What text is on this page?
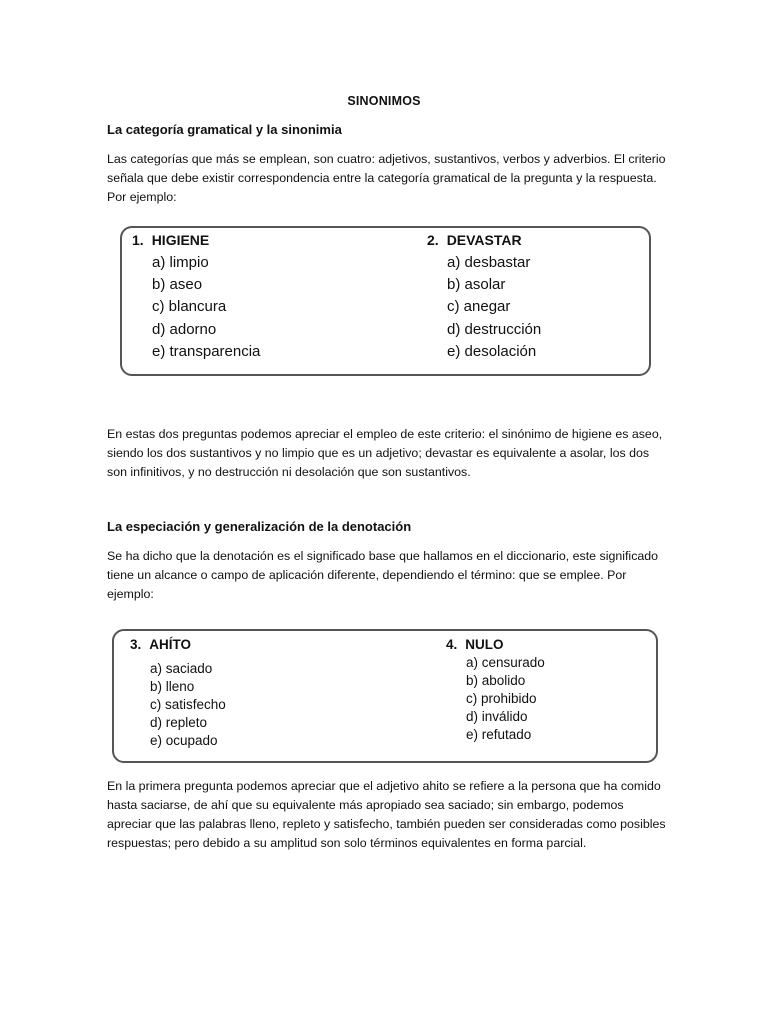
SINONIMOS
La categoría gramatical y la sinonimia

Las categorías que más se emplean, son cuatro: adjetivos, sustantivos, verbos y adverbios. El criterio señala que debe existir correspondencia entre la categoría gramatical de la pregunta y la respuesta. Por ejemplo:

1. HIGIENE
a) limpio
b) aseo
c) blancura
d) adorno
e) transparencia
2. DEVASTAR
a) desbastar
b) asolar
c) anegar
d) destrucción
e) desolación

En estas dos preguntas podemos apreciar el empleo de este criterio: el sinónimo de higiene es aseo, siendo los dos sustantivos y no limpio que es un adjetivo; devastar es equivalente a asolar, los dos son infinitivos, y no destrucción ni desolación que son sustantivos.

La especiación y generalización de la denotación

Se ha dicho que la denotación es el significado base que hallamos en el diccionario, este significado tiene un alcance o campo de aplicación diferente, dependiendo el término: que se emplee. Por ejemplo:

3. AHÍTO
a) saciado
b) lleno
c) satisfecho
d) repleto
e) ocupado
4. NULO
a) censurado
b) abolido
c) prohibido
d) inválido
e) refutado

En la primera pregunta podemos apreciar que el adjetivo ahito se refiere a la persona que ha comido hasta saciarse, de ahí que su equivalente más apropiado sea saciado; sin embargo, podemos apreciar que las palabras lleno, repleto y satisfecho, también pueden ser consideradas como posibles respuestas; pero debido a su amplitud son solo términos equivalentes en forma parcial.
